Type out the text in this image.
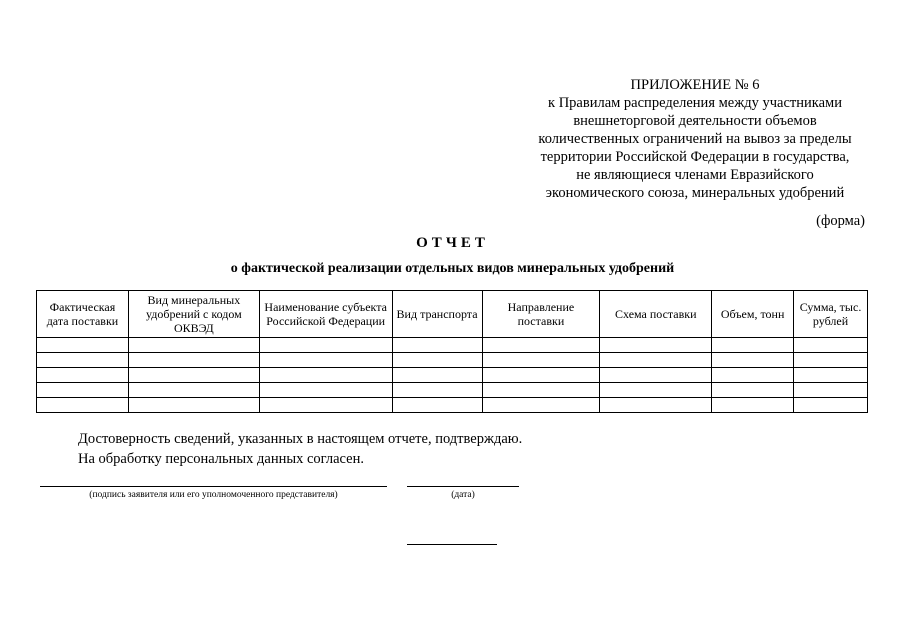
ПРИЛОЖЕНИЕ № 6
к Правилам распределения между участниками
внешнеторговой деятельности объемов
количественных ограничений на вывоз за пределы
территории Российской Федерации в государства,
не являющиеся членами Евразийского
экономического союза, минеральных удобрений
(форма)
ОТЧЕТ
о фактической реализации отдельных видов минеральных удобрений
Фактическая дата поставки	Вид минеральных удобрений с кодом ОКВЭД	Наименование субъекта Российской Федерации	Вид транспорта	Направление поставки	Схема поставки	Объем, тонн	Сумма, тыс. рублей

Достоверность сведений, указанных в настоящем отчете, подтверждаю.
На обработку персональных данных согласен.
(подпись заявителя или его уполномоченного представителя)	(дата)
